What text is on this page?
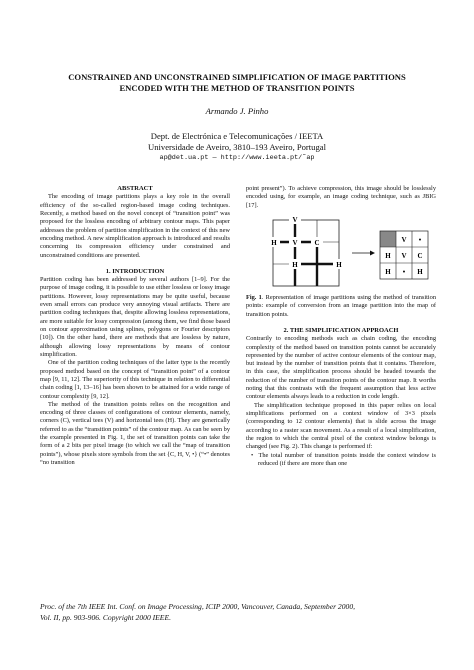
CONSTRAINED AND UNCONSTRAINED SIMPLIFICATION OF IMAGE PARTITIONS
ENCODED WITH THE METHOD OF TRANSITION POINTS
Armando J. Pinho
Dept. de Electrónica e Telecomunicações / IEETA
Universidade de Aveiro, 3810–193 Aveiro, Portugal
ap@det.ua.pt — http://www.ieeta.pt/˜ap

ABSTRACT

The encoding of image partitions plays a key role in the overall efficiency of the so-called region-based image coding techniques. Recently, a method based on the novel concept of “transition point” was proposed for the lossless encoding of arbitrary contour maps. This paper addresses the problem of partition simplification in the context of this new encoding method. A new simplification approach is introduced and results concerning its compression efficiency under constrained and unconstrained conditions are presented.

1. INTRODUCTION

Partition coding has been addressed by several authors [1–9]. For the purpose of image coding, it is possible to use either lossless or lossy image partitions. However, lossy representations may be quite useful, because even small errors can produce very annoying visual artifacts. There are partition coding techniques that, despite allowing lossless representations, are more suitable for lossy compression (among them, we find those based on contour approximation using splines, polygons or Fourier descriptors [10]). On the other hand, there are methods that are lossless by nature, although allowing lossy representations by means of contour simplification.

One of the partition coding techniques of the latter type is the recently proposed method based on the concept of “transition point” of a contour map [9, 11, 12]. The superiority of this technique in relation to differential chain coding [1, 13–16] has been shown to be attained for a wide range of contour complexity [9, 12].

The method of the transition points relies on the recognition and encoding of three classes of configurations of contour elements, namely, corners (C), vertical tees (V) and horizontal tees (H). They are generically referred to as the “transition points” of the contour map. As can be seen by the example presented in Fig. 1, the set of transition points can take the form of a 2 bits per pixel image (to which we call the “map of transition points”), whose pixels store symbols from the set {C, H, V, •} (“•” denotes “no transition

point present”). To achieve compression, this image should be losslessly encoded using, for example, an image coding technique, such as JBIG [17].

V
H V C
H	H
V •
H V C
H • H

Fig. 1. Representation of image partitions using the method of transition points: example of conversion from an image partition into the map of transition points.

2. THE SIMPLIFICATION APPROACH

Contrarily to encoding methods such as chain coding, the encoding complexity of the method based on transition points cannot be accurately represented by the number of active contour elements of the contour map, but instead by the number of transition points that it contains. Therefore, in this case, the simplification process should be headed towards the reduction of the number of transition points of the contour map. It worths noting that this contrasts with the frequent assumption that less active contour elements always leads to a reduction in code length.

The simplification technique proposed in this paper relies on local simplifications performed on a context window of 3×3 pixels (corresponding to 12 contour elements) that is slide across the image according to a raster scan movement. As a result of a local simplification, the region to which the central pixel of the context window belongs is changed (see Fig. 2). This change is performed if:

•  The total number of transition points inside the context window is reduced (if there are more than one

Proc. of the 7th IEEE Int. Conf. on Image Processing, ICIP 2000, Vancouver, Canada, September 2000,
Vol. II, pp. 903-906. Copyright 2000 IEEE.
